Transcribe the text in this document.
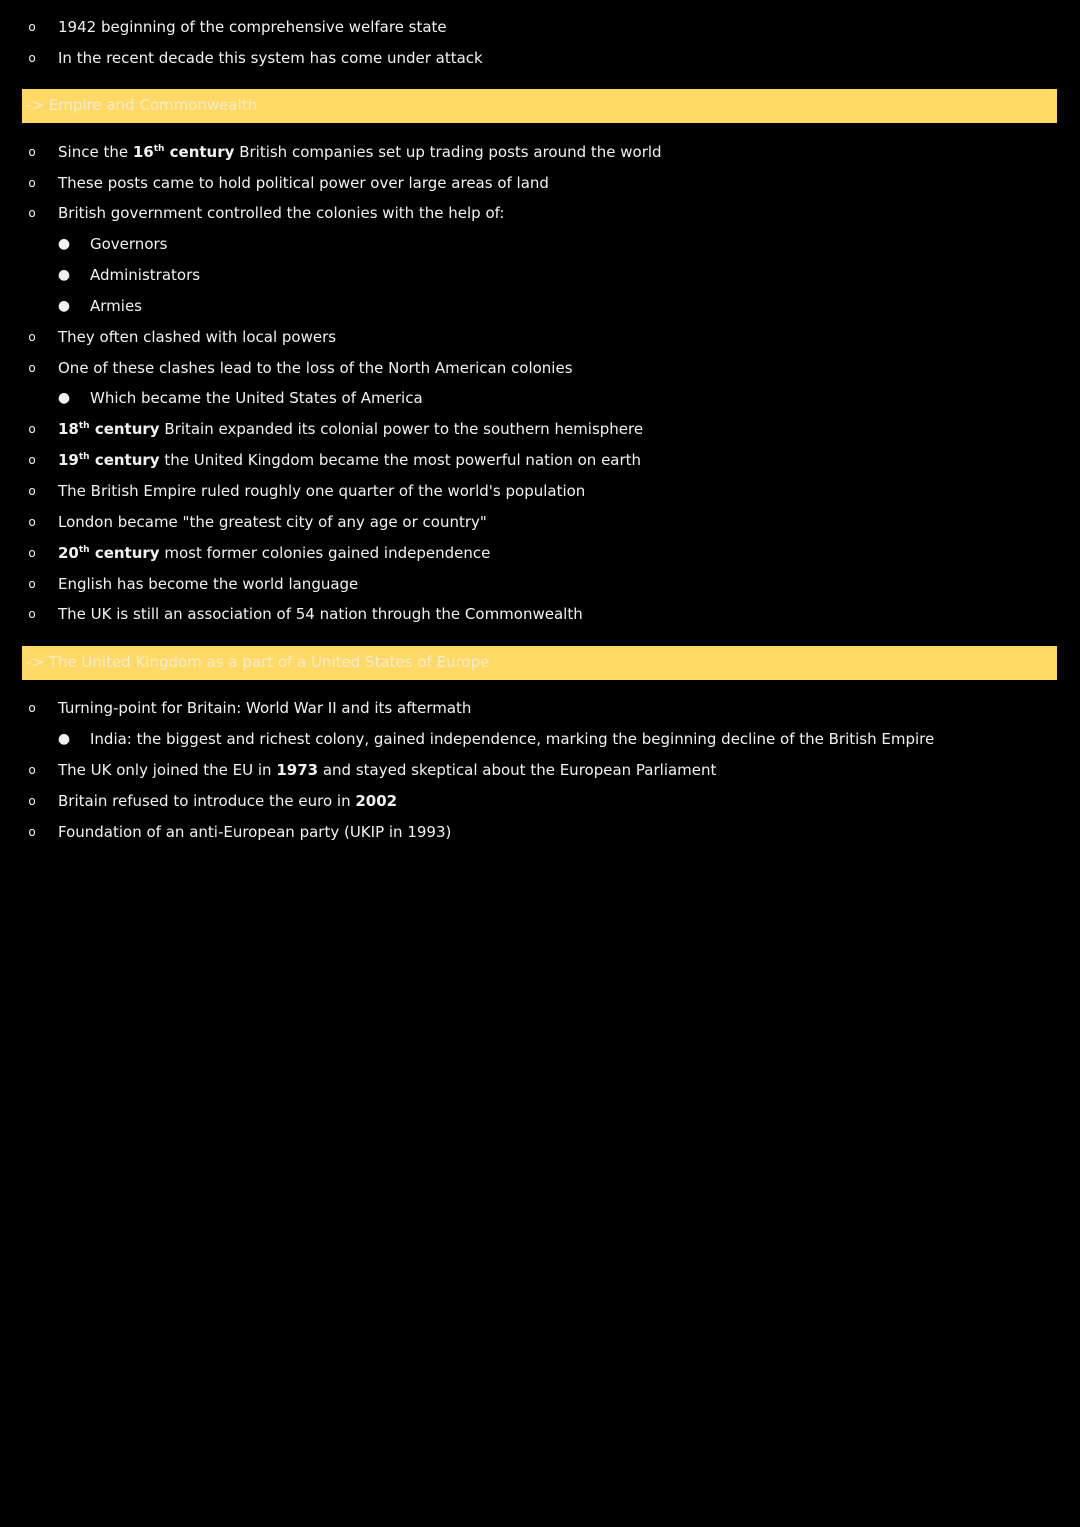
o	1942 beginning of the comprehensive welfare state
o	In the recent decade this system has come under attack
-> Empire and Commonwealth
o	Since the 16th century British companies set up trading posts around the world
o	These posts came to hold political power over large areas of land
o	British government controlled the colonies with the help of:
● Governors
● Administrators
● Armies
o	They often clashed with local powers
o	One of these clashes lead to the loss of the North American colonies
● Which became the United States of America
o	18th century Britain expanded its colonial power to the southern hemisphere
o	19th century the United Kingdom became the most powerful nation on earth
o	The British Empire ruled roughly one quarter of the world's population
o	London became "the greatest city of any age or country"
o	20th century most former colonies gained independence
o	English has become the world language
o	The UK is still an association of 54 nation through the Commonwealth
-> The United Kingdom as a part of a United States of Europe
o	Turning-point for Britain: World War II and its aftermath
● India: the biggest and richest colony, gained independence, marking the beginning decline of the British Empire
o	The UK only joined the EU in 1973 and stayed skeptical about the European Parliament
o	Britain refused to introduce the euro in 2002
o	Foundation of an anti-European party (UKIP in 1993)
